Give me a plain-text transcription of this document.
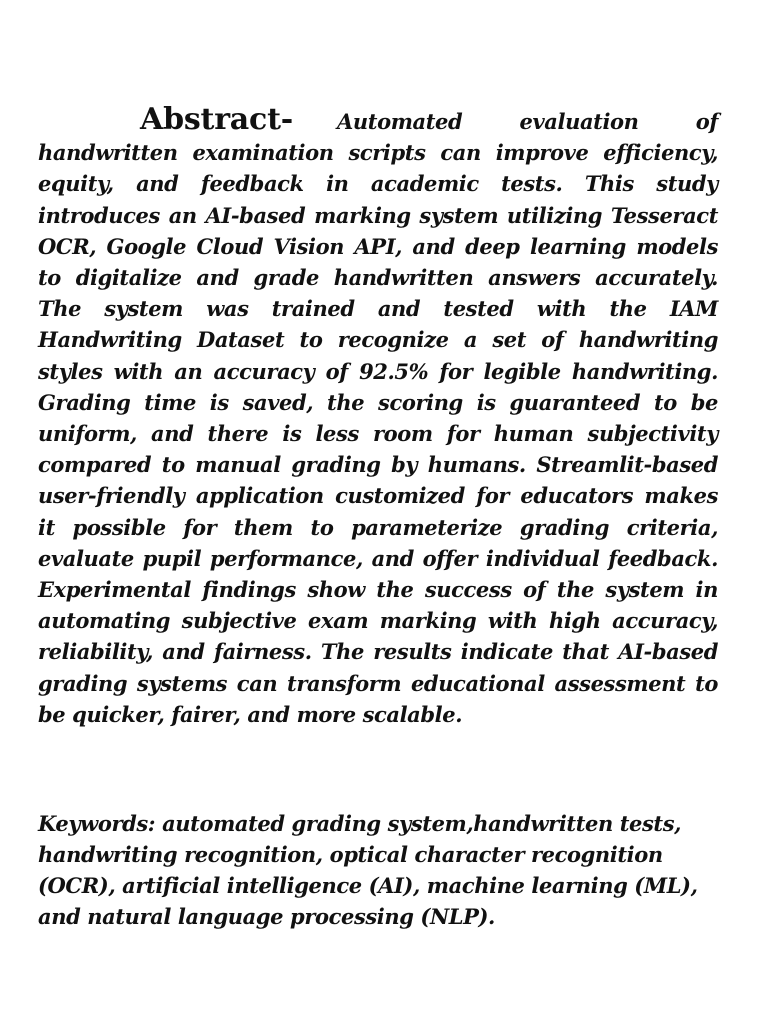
Abstract- Automated evaluation of handwritten examination scripts can improve efficiency, equity, and feedback in academic tests. This study introduces an AI-based marking system utilizing Tesseract OCR, Google Cloud Vision API, and deep learning models to digitalize and grade handwritten answers accurately. The system was trained and tested with the IAM Handwriting Dataset to recognize a set of handwriting styles with an accuracy of 92.5% for legible handwriting. Grading time is saved, the scoring is guaranteed to be uniform, and there is less room for human subjectivity compared to manual grading by humans. Streamlit-based user-friendly application customized for educators makes it possible for them to parameterize grading criteria, evaluate pupil performance, and offer individual feedback. Experimental findings show the success of the system in automating subjective exam marking with high accuracy, reliability, and fairness. The results indicate that AI-based grading systems can transform educational assessment to be quicker, fairer, and more scalable.

Keywords: automated grading system,handwritten tests, handwriting recognition, optical character recognition (OCR), artificial intelligence (AI), machine learning (ML), and natural language processing (NLP).
